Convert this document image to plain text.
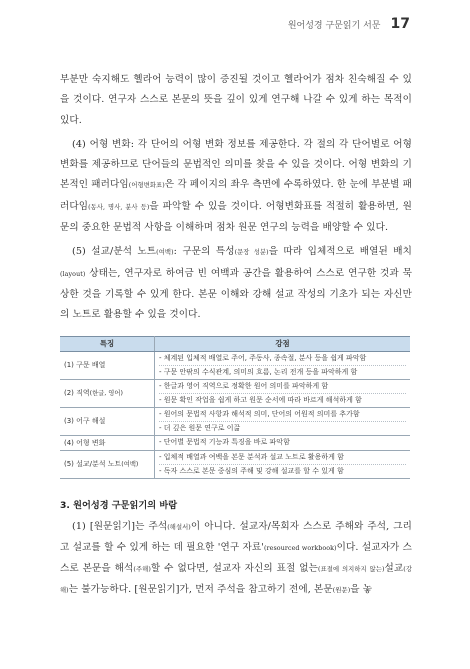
원어성경 구문읽기 서문 17

부분만 숙지해도 헬라어 능력이 많이 증진될 것이고 헬라어가 점차 친숙해질 수 있을 것이다. 연구자 스스로 본문의 뜻을 깊이 있게 연구해 나갈 수 있게 하는 목적이 있다.

(4) 어형 변화: 각 단어의 어형 변화 정보를 제공한다. 각 절의 각 단어별로 어형 변화를 제공하므로 단어들의 문법적인 의미를 찾을 수 있을 것이다. 어형 변화의 기본적인 패러다임(어형변화표)은 각 페이지의 좌우 측면에 수록하였다. 한 눈에 부분별 패러다임(동사, 명사, 분사 등)을 파악할 수 있을 것이다. 어형변화표를 적절히 활용하면, 원문의 중요한 문법적 사항을 이해하며 점차 원문 연구의 능력을 배양할 수 있다.

(5) 설교/분석 노트(여백): 구문의 특성(문장 성분)을 따라 입체적으로 배열된 배치(layout) 상태는, 연구자로 하여금 빈 여백과 공간을 활용하여 스스로 연구한 것과 묵상한 것을 기록할 수 있게 한다. 본문 이해와 강해 설교 작성의 기초가 되는 자신만의 노트로 활용할 수 있을 것이다.

특징	강점
(1) 구문 배열	- 체계된 입체적 배열로 주어, 주동사, 종속절, 분사 등을 쉽게 파악함
- 구문 안팎의 수식관계, 의미의 흐름, 논리 전개 등을 파악하게 함

(2) 직역(한글, 영어)	- 한글과 영어 직역으로 정확한 원어 의미를 파악하게 함
- 원문 확인 작업을 쉽게 하고 원문 순서에 따라 바르게 해석하게 함

(3) 어구 해설	- 원어의 문법적 사항과 해석적 의미, 단어의 어원적 의미를 추가함
- 더 깊은 원문 연구로 이끎

(4) 어형 변화	- 단어별 문법적 기능과 특징을 바로 파악함

(5) 설교/분석 노트(여백)	- 입체적 배열과 여백을 본문 분석과 설교 노트로 활용하게 함
- 독자 스스로 본문 중심의 주해 및 강해 설교를 할 수 있게 함
3. 원어성경 구문읽기의 바람

(1) [원문읽기]는 주석(해설서)이 아니다. 설교자/목회자 스스로 주해와 주석, 그리고 설교를 할 수 있게 하는 데 필요한 '연구 자료'(resourced workbook)이다. 설교자가 스스로 본문을 해석(주해)할 수 없다면, 설교자 자신의 표절 없는(표절에 의지하지 않는)설교(강해)는 불가능하다. [원문읽기]가, 먼저 주석을 참고하기 전에, 본문(원문)을 놓
